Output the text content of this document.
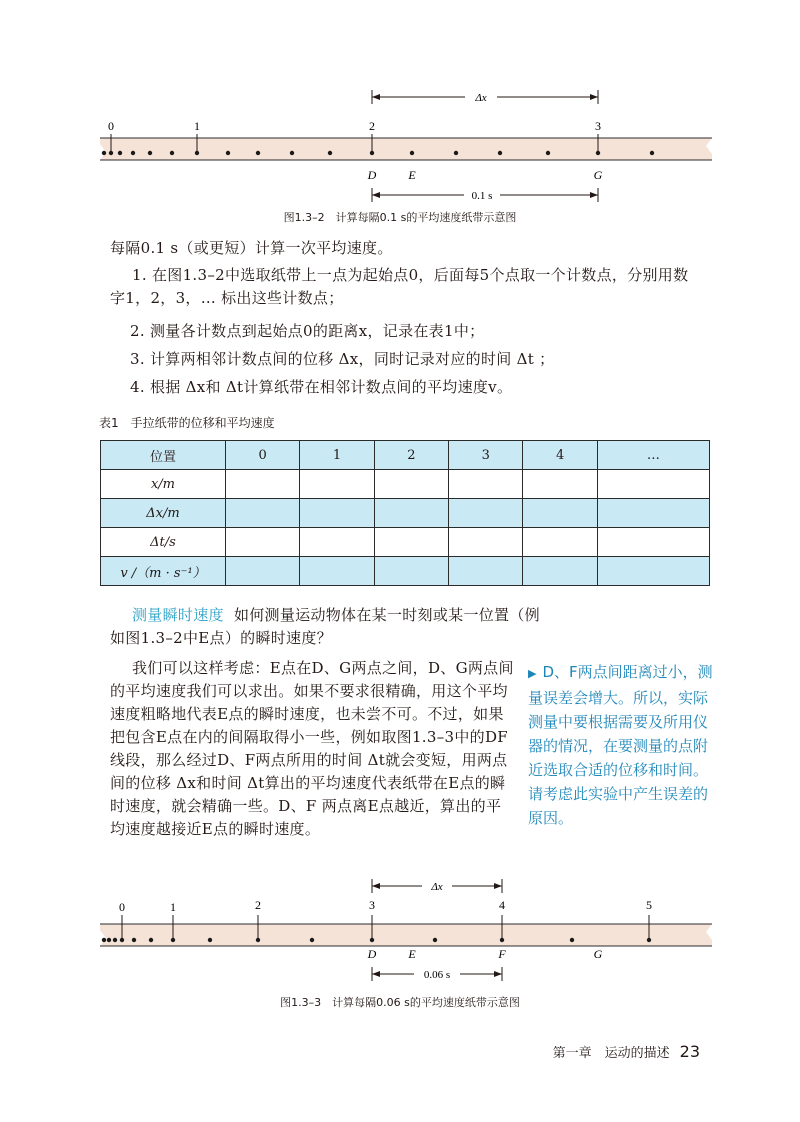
Δx
0	1	2	3
D	E	G
0.1 s
图1.3–2　计算每隔0.1 s的平均速度纸带示意图
每隔0.1 s（或更短）计算一次平均速度。
1. 在图1.3–2中选取纸带上一点为起始点0，后面每5个点取一个计数点，分别用数字1，2，3，… 标出这些计数点；
2. 测量各计数点到起始点0的距离x，记录在表1中；
3. 计算两相邻计数点间的位移 Δx，同时记录对应的时间 Δt ；
4. 根据 Δx和 Δt计算纸带在相邻计数点间的平均速度v。
表1　手拉纸带的位移和平均速度
位置	0	1	2	3	4	…
x/m						
Δx/m						
Δt/s						
v /（m · s⁻¹）						
测量瞬时速度 如何测量运动物体在某一时刻或某一位置（例如图1.3–2中E点）的瞬时速度？
我们可以这样考虑：E点在D、G两点之间，D、G两点间的平均速度我们可以求出。如果不要求很精确，用这个平均速度粗略地代表E点的瞬时速度，也未尝不可。不过，如果把包含E点在内的间隔取得小一些，例如取图1.3–3中的DF线段，那么经过D、F两点所用的时间 Δt就会变短，用两点间的位移 Δx和时间 Δt算出的平均速度代表纸带在E点的瞬时速度，就会精确一些。D、F 两点离E点越近，算出的平均速度越接近E点的瞬时速度。
▶ D、F两点间距离过小，测量误差会增大。所以，实际测量中要根据需要及所用仪器的情况，在要测量的点附近选取合适的位移和时间。请考虑此实验中产生误差的原因。
Δx
0	1	2	3	4	5
D	E	F	G
0.06 s
图1.3–3　计算每隔0.06 s的平均速度纸带示意图
第一章　运动的描述 23
